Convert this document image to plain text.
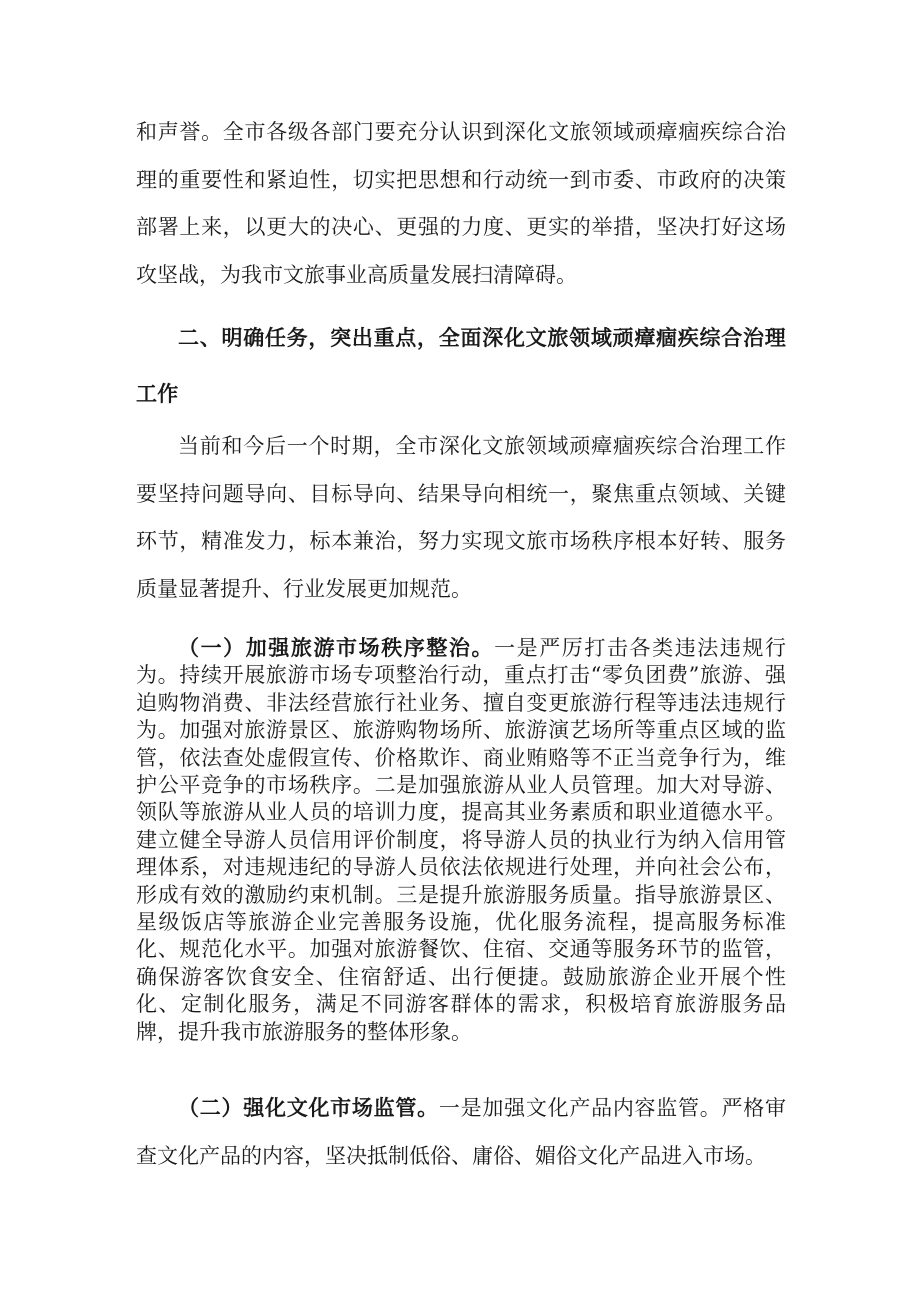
和声誉。全市各级各部门要充分认识到深化文旅领域顽瘴痼疾综合治理的重要性和紧迫性，切实把思想和行动统一到市委、市政府的决策部署上来，以更大的决心、更强的力度、更实的举措，坚决打好这场攻坚战，为我市文旅事业高质量发展扫清障碍。

二、明确任务，突出重点，全面深化文旅领域顽瘴痼疾综合治理工作

当前和今后一个时期，全市深化文旅领域顽瘴痼疾综合治理工作要坚持问题导向、目标导向、结果导向相统一，聚焦重点领域、关键环节，精准发力，标本兼治，努力实现文旅市场秩序根本好转、服务质量显著提升、行业发展更加规范。

（一）加强旅游市场秩序整治。一是严厉打击各类违法违规行为。持续开展旅游市场专项整治行动，重点打击“零负团费”旅游、强迫购物消费、非法经营旅行社业务、擅自变更旅游行程等违法违规行为。加强对旅游景区、旅游购物场所、旅游演艺场所等重点区域的监管，依法查处虚假宣传、价格欺诈、商业贿赂等不正当竞争行为，维护公平竞争的市场秩序。二是加强旅游从业人员管理。加大对导游、领队等旅游从业人员的培训力度，提高其业务素质和职业道德水平。建立健全导游人员信用评价制度，将导游人员的执业行为纳入信用管理体系，对违规违纪的导游人员依法依规进行处理，并向社会公布，形成有效的激励约束机制。三是提升旅游服务质量。指导旅游景区、星级饭店等旅游企业完善服务设施，优化服务流程，提高服务标准化、规范化水平。加强对旅游餐饮、住宿、交通等服务环节的监管，确保游客饮食安全、住宿舒适、出行便捷。鼓励旅游企业开展个性化、定制化服务，满足不同游客群体的需求，积极培育旅游服务品牌，提升我市旅游服务的整体形象。

（二）强化文化市场监管。一是加强文化产品内容监管。严格审查文化产品的内容，坚决抵制低俗、庸俗、媚俗文化产品进入市场。
